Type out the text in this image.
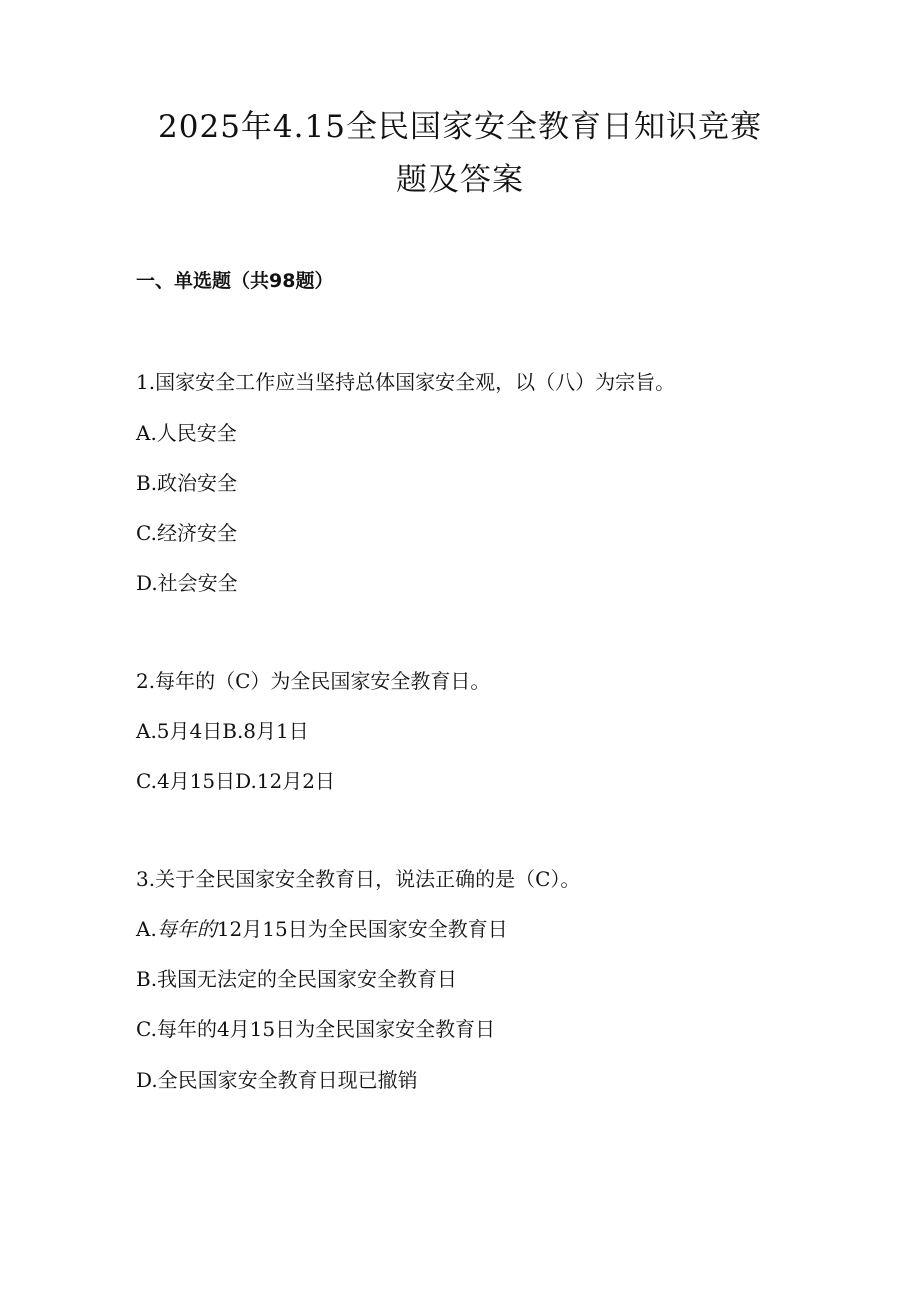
2025年4.15全民国家安全教育日知识竞赛
题及答案
一、单选题（共98题）
1.国家安全工作应当坚持总体国家安全观，以（八）为宗旨。
A.人民安全
B.政治安全
C.经济安全
D.社会安全
2.每年的（C）为全民国家安全教育日。
A.5月4日B.8月1日
C.4月15日D.12月2日
3.关于全民国家安全教育日，说法正确的是（C）。
A.每年的12月15日为全民国家安全教育日
B.我国无法定的全民国家安全教育日
C.每年的4月15日为全民国家安全教育日
D.全民国家安全教育日现已撤销
